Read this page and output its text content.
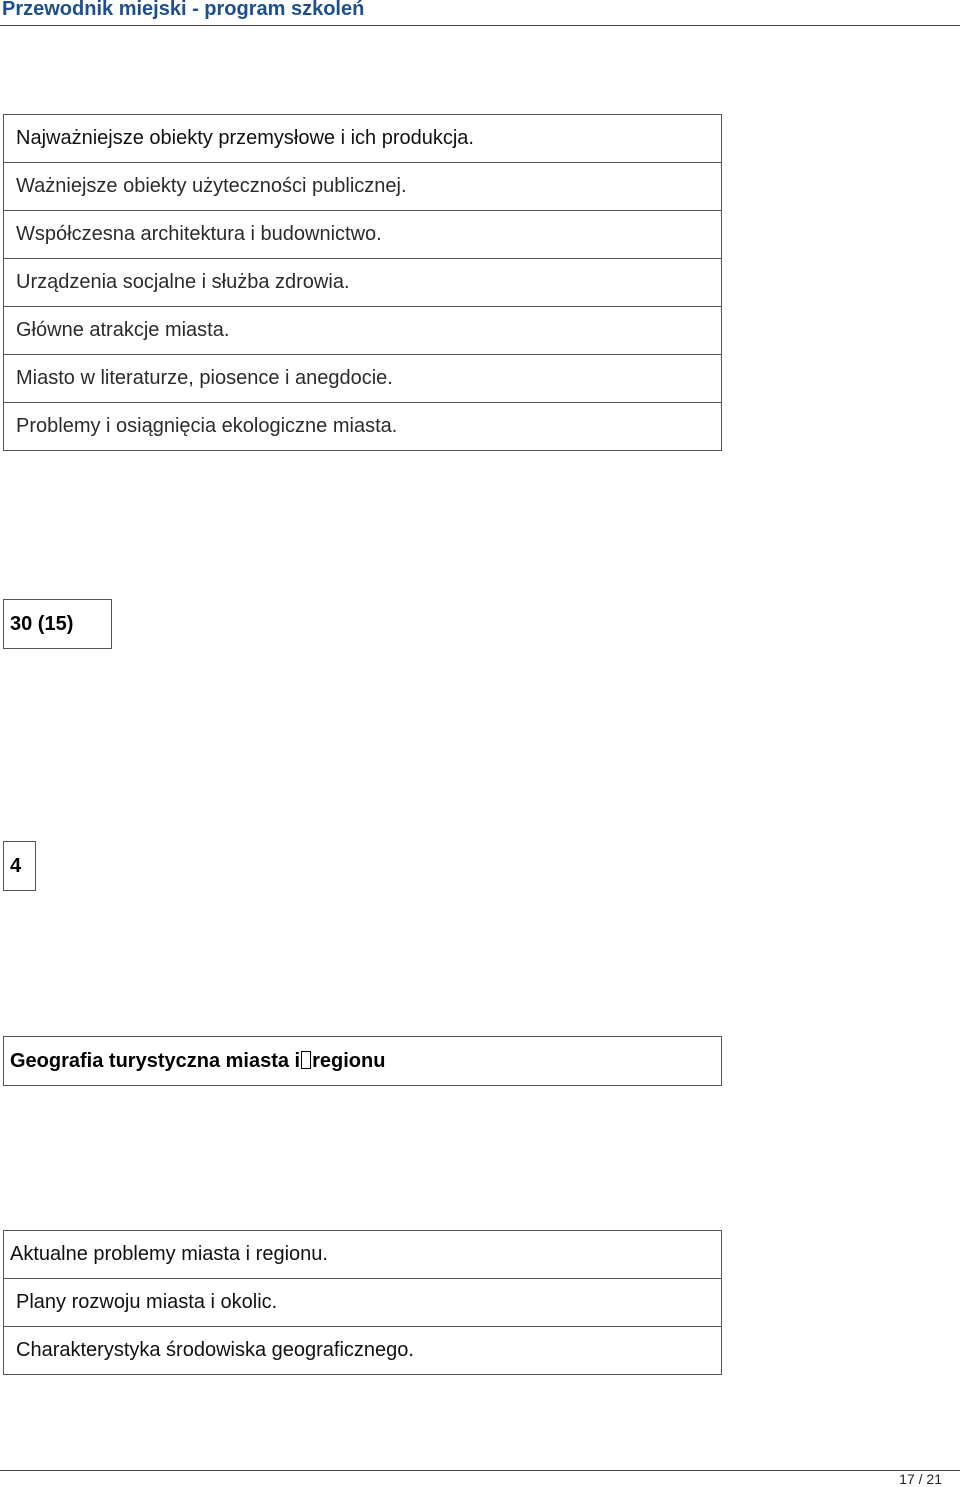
Przewodnik miejski - program szkoleń
Najważniejsze obiekty przemysłowe i ich produkcja.
Ważniejsze obiekty użyteczności publicznej.
Współczesna architektura i budownictwo.
Urządzenia socjalne i służba zdrowia.
Główne atrakcje miasta.
Miasto w literaturze, piosence i anegdocie.
Problemy i osiągnięcia ekologiczne miasta.
30 (15)
4
Geografia turystyczna miasta i regionu
Aktualne problemy miasta i regionu.
Plany rozwoju miasta i okolic.
Charakterystyka środowiska geograficznego.
17 / 21
